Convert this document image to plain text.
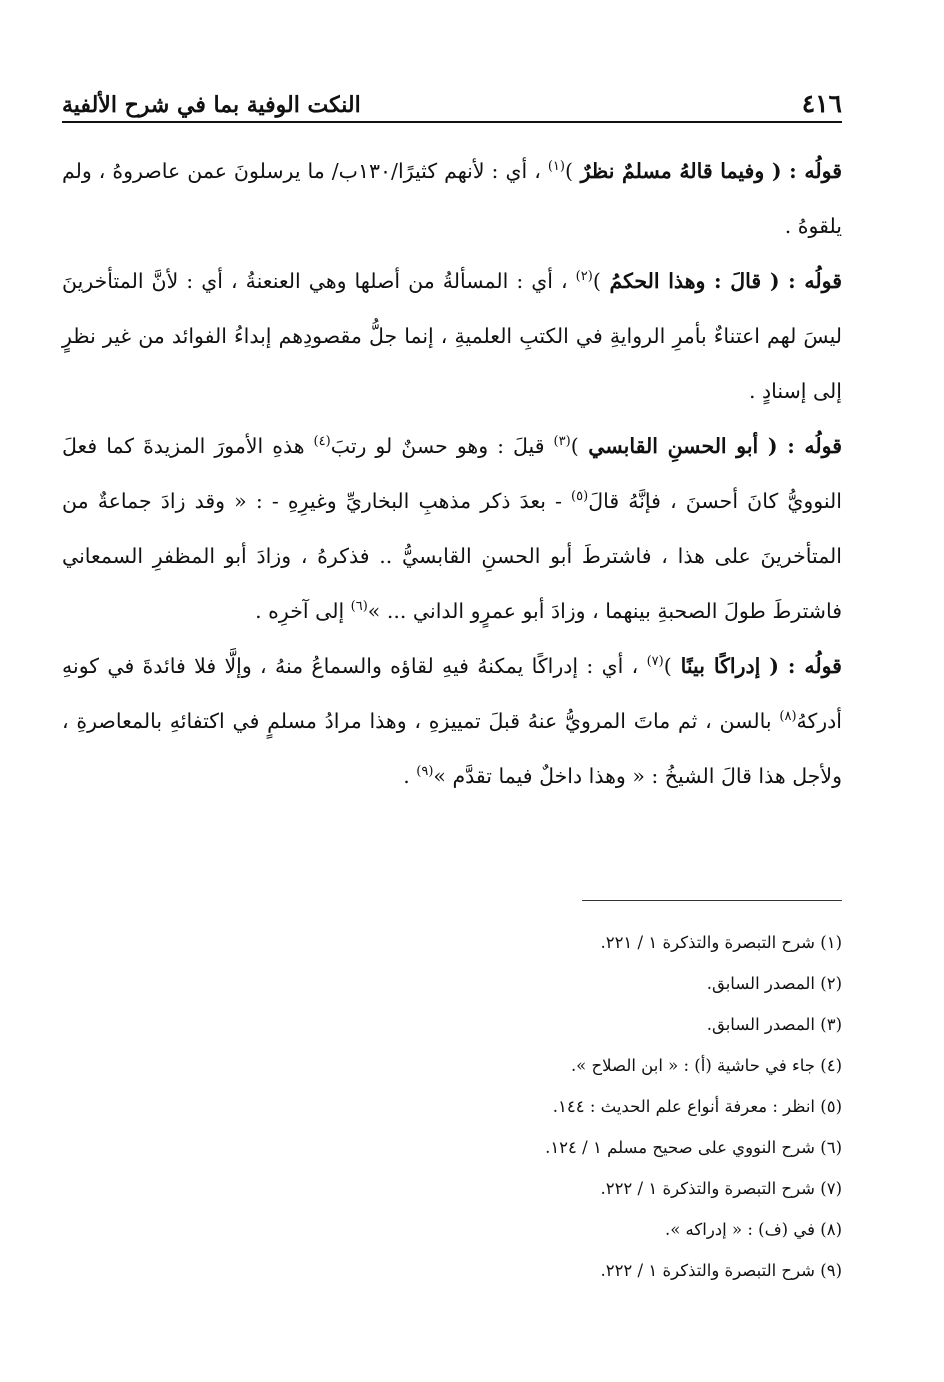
٤١٦
النكت الوفية بما في شرح الألفية

قولُه : ( وفيما قالهُ مسلمٌ نظرٌ )$^{(١)}$ ، أي : لأنهم كثيرًا/١٣٠ب/ ما يرسلونَ عمن عاصروهُ ، ولم يلقوهُ .

قولُه : ( قالَ : وهذا الحكمُ )$^{(٢)}$ ، أي : المسألةُ من أصلها وهي العنعنةُ ، أي : لأنَّ المتأخرينَ ليسَ لهم اعتناءٌ بأمرِ الروايةِ في الكتبِ العلميةِ ، إنما جلُّ مقصودِهم إبداءُ الفوائد من غير نظرٍ إلى إسنادٍ .

قولُه : ( أبو الحسنِ القابسي )$^{(٣)}$ قيلَ : وهو حسنٌ لو رتبَ$^{(٤)}$ هذهِ الأمورَ المزيدةَ كما فعلَ النوويُّ كانَ أحسنَ ، فإنَّهُ قالَ$^{(٥)}$ - بعدَ ذكر مذهبِ البخاريِّ وغيرِهِ - : « وقد زادَ جماعةٌ من المتأخرينَ على هذا ، فاشترطَ أبو الحسنِ القابسيُّ .. فذكرهُ ، وزادَ أبو المظفرِ السمعاني فاشترطَ طولَ الصحبةِ بينهما ، وزادَ أبو عمرٍو الداني ... »$^{(٦)}$ إلى آخرِه .

قولُه : ( إدراكًا بينًا )$^{(٧)}$ ، أي : إدراكًا يمكنهُ فيهِ لقاؤه والسماعُ منهُ ، وإلَّا فلا فائدةَ في كونهِ أدركهُ$^{(٨)}$ بالسن ، ثم ماتَ المرويُّ عنهُ قبلَ تمييزهِ ، وهذا مرادُ مسلمٍ في اكتفائهِ بالمعاصرةِ ، ولأجل هذا قالَ الشيخُ : « وهذا داخلٌ فيما تقدَّم »$^{(٩)}$ .

(١) شرح التبصرة والتذكرة ١ / ٢٢١.
(٢) المصدر السابق.
(٣) المصدر السابق.
(٤) جاء في حاشية (أ) : « ابن الصلاح ».
(٥) انظر : معرفة أنواع علم الحديث : ١٤٤.
(٦) شرح النووي على صحيح مسلم ١ / ١٢٤.
(٧) شرح التبصرة والتذكرة ١ / ٢٢٢.
(٨) في (ف) : « إدراكه ».
(٩) شرح التبصرة والتذكرة ١ / ٢٢٢.
